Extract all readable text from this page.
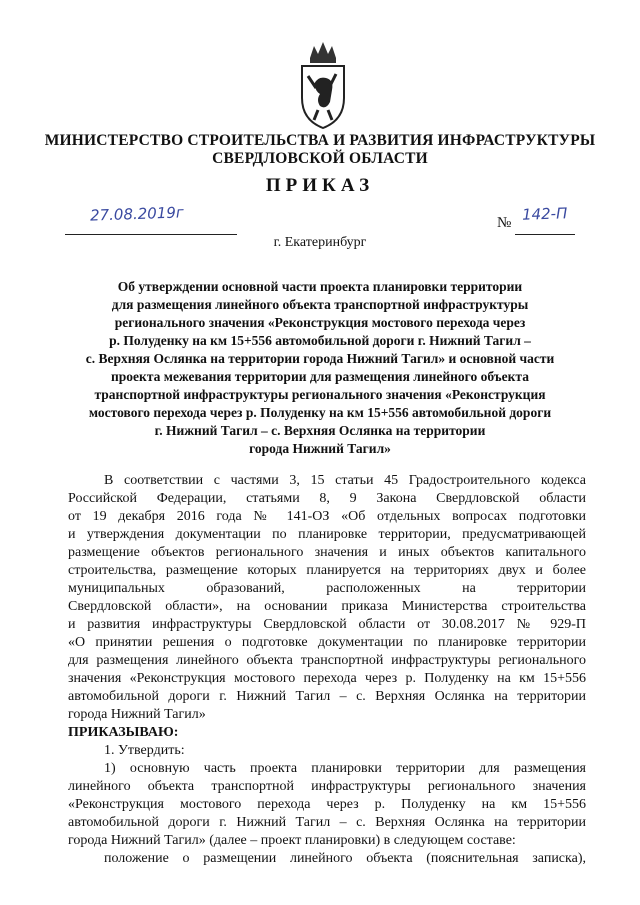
МИНИСТЕРСТВО СТРОИТЕЛЬСТВА И РАЗВИТИЯ ИНФРАСТРУКТУРЫ
СВЕРДЛОВСКОЙ ОБЛАСТИ
ПРИКАЗ
27.08.2019г	№ 142-П
г. Екатеринбург
Об утверждении основной части проекта планировки территории
для размещения линейного объекта транспортной инфраструктуры
регионального значения «Реконструкция мостового перехода через
р. Полуденку на км 15+556 автомобильной дороги г. Нижний Тагил –
с. Верхняя Ослянка на территории города Нижний Тагил» и основной части
проекта межевания территории для размещения линейного объекта
транспортной инфраструктуры регионального значения «Реконструкция
мостового перехода через р. Полуденку на км 15+556 автомобильной дороги
г. Нижний Тагил – с. Верхняя Ослянка на территории
города Нижний Тагил»
В соответствии с частями 3, 15 статьи 45 Градостроительного кодекса
Российской Федерации, статьями 8, 9 Закона Свердловской области
от 19 декабря 2016 года № 141-ОЗ «Об отдельных вопросах подготовки
и утверждения документации по планировке территории, предусматривающей
размещение объектов регионального значения и иных объектов капитального
строительства, размещение которых планируется на территориях двух и более
муниципальных образований, расположенных на территории
Свердловской области», на основании приказа Министерства строительства
и развития инфраструктуры Свердловской области от 30.08.2017 № 929-П
«О принятии решения о подготовке документации по планировке территории
для размещения линейного объекта транспортной инфраструктуры регионального
значения «Реконструкция мостового перехода через р. Полуденку на км 15+556
автомобильной дороги г. Нижний Тагил – с. Верхняя Ослянка на территории
города Нижний Тагил»
ПРИКАЗЫВАЮ:
1. Утвердить:
1) основную часть проекта планировки территории для размещения
линейного объекта транспортной инфраструктуры регионального значения
«Реконструкция мостового перехода через р. Полуденку на км 15+556
автомобильной дороги г. Нижний Тагил – с. Верхняя Ослянка на территории
города Нижний Тагил» (далее – проект планировки) в следующем составе:
положение о размещении линейного объекта (пояснительная записка),
